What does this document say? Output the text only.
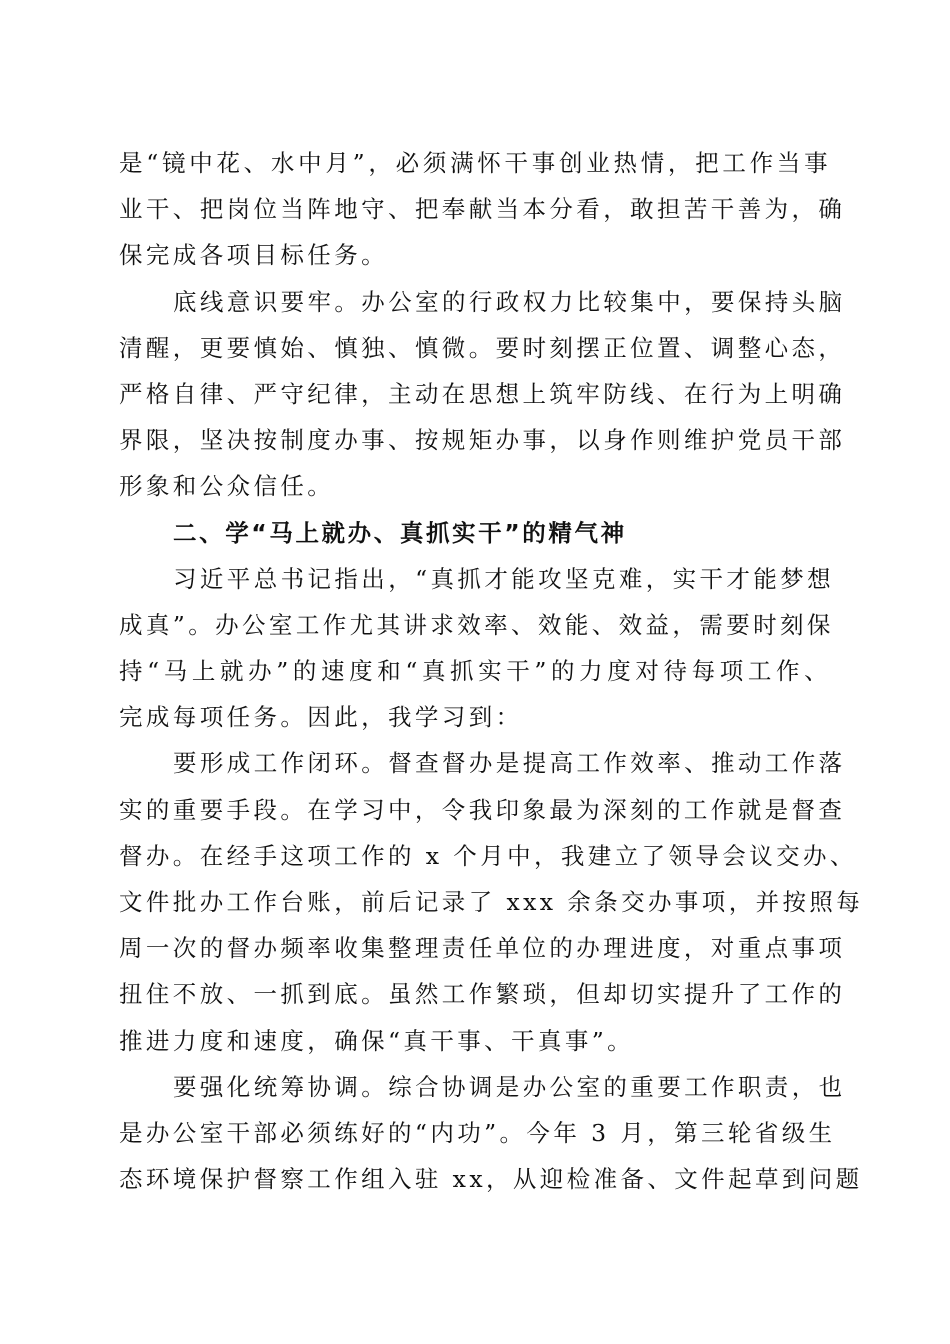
是“镜中花、水中月”，必须满怀干事创业热情，把工作当事
业干、把岗位当阵地守、把奉献当本分看，敢担苦干善为，确
保完成各项目标任务。
底线意识要牢。办公室的行政权力比较集中，要保持头脑
清醒，更要慎始、慎独、慎微。要时刻摆正位置、调整心态，
严格自律、严守纪律，主动在思想上筑牢防线、在行为上明确
界限，坚决按制度办事、按规矩办事，以身作则维护党员干部
形象和公众信任。
二、学“马上就办、真抓实干”的精气神
习近平总书记指出，“真抓才能攻坚克难，实干才能梦想
成真”。办公室工作尤其讲求效率、效能、效益，需要时刻保
持“马上就办”的速度和“真抓实干”的力度对待每项工作、
完成每项任务。因此，我学习到：
要形成工作闭环。督查督办是提高工作效率、推动工作落
实的重要手段。在学习中，令我印象最为深刻的工作就是督查
督办。在经手这项工作的 x 个月中，我建立了领导会议交办、
文件批办工作台账，前后记录了 xxx 余条交办事项，并按照每
周一次的督办频率收集整理责任单位的办理进度，对重点事项
扭住不放、一抓到底。虽然工作繁琐，但却切实提升了工作的
推进力度和速度，确保“真干事、干真事”。
要强化统筹协调。综合协调是办公室的重要工作职责，也
是办公室干部必须练好的“内功”。今年 3 月，第三轮省级生
态环境保护督察工作组入驻 xx，从迎检准备、文件起草到问题
